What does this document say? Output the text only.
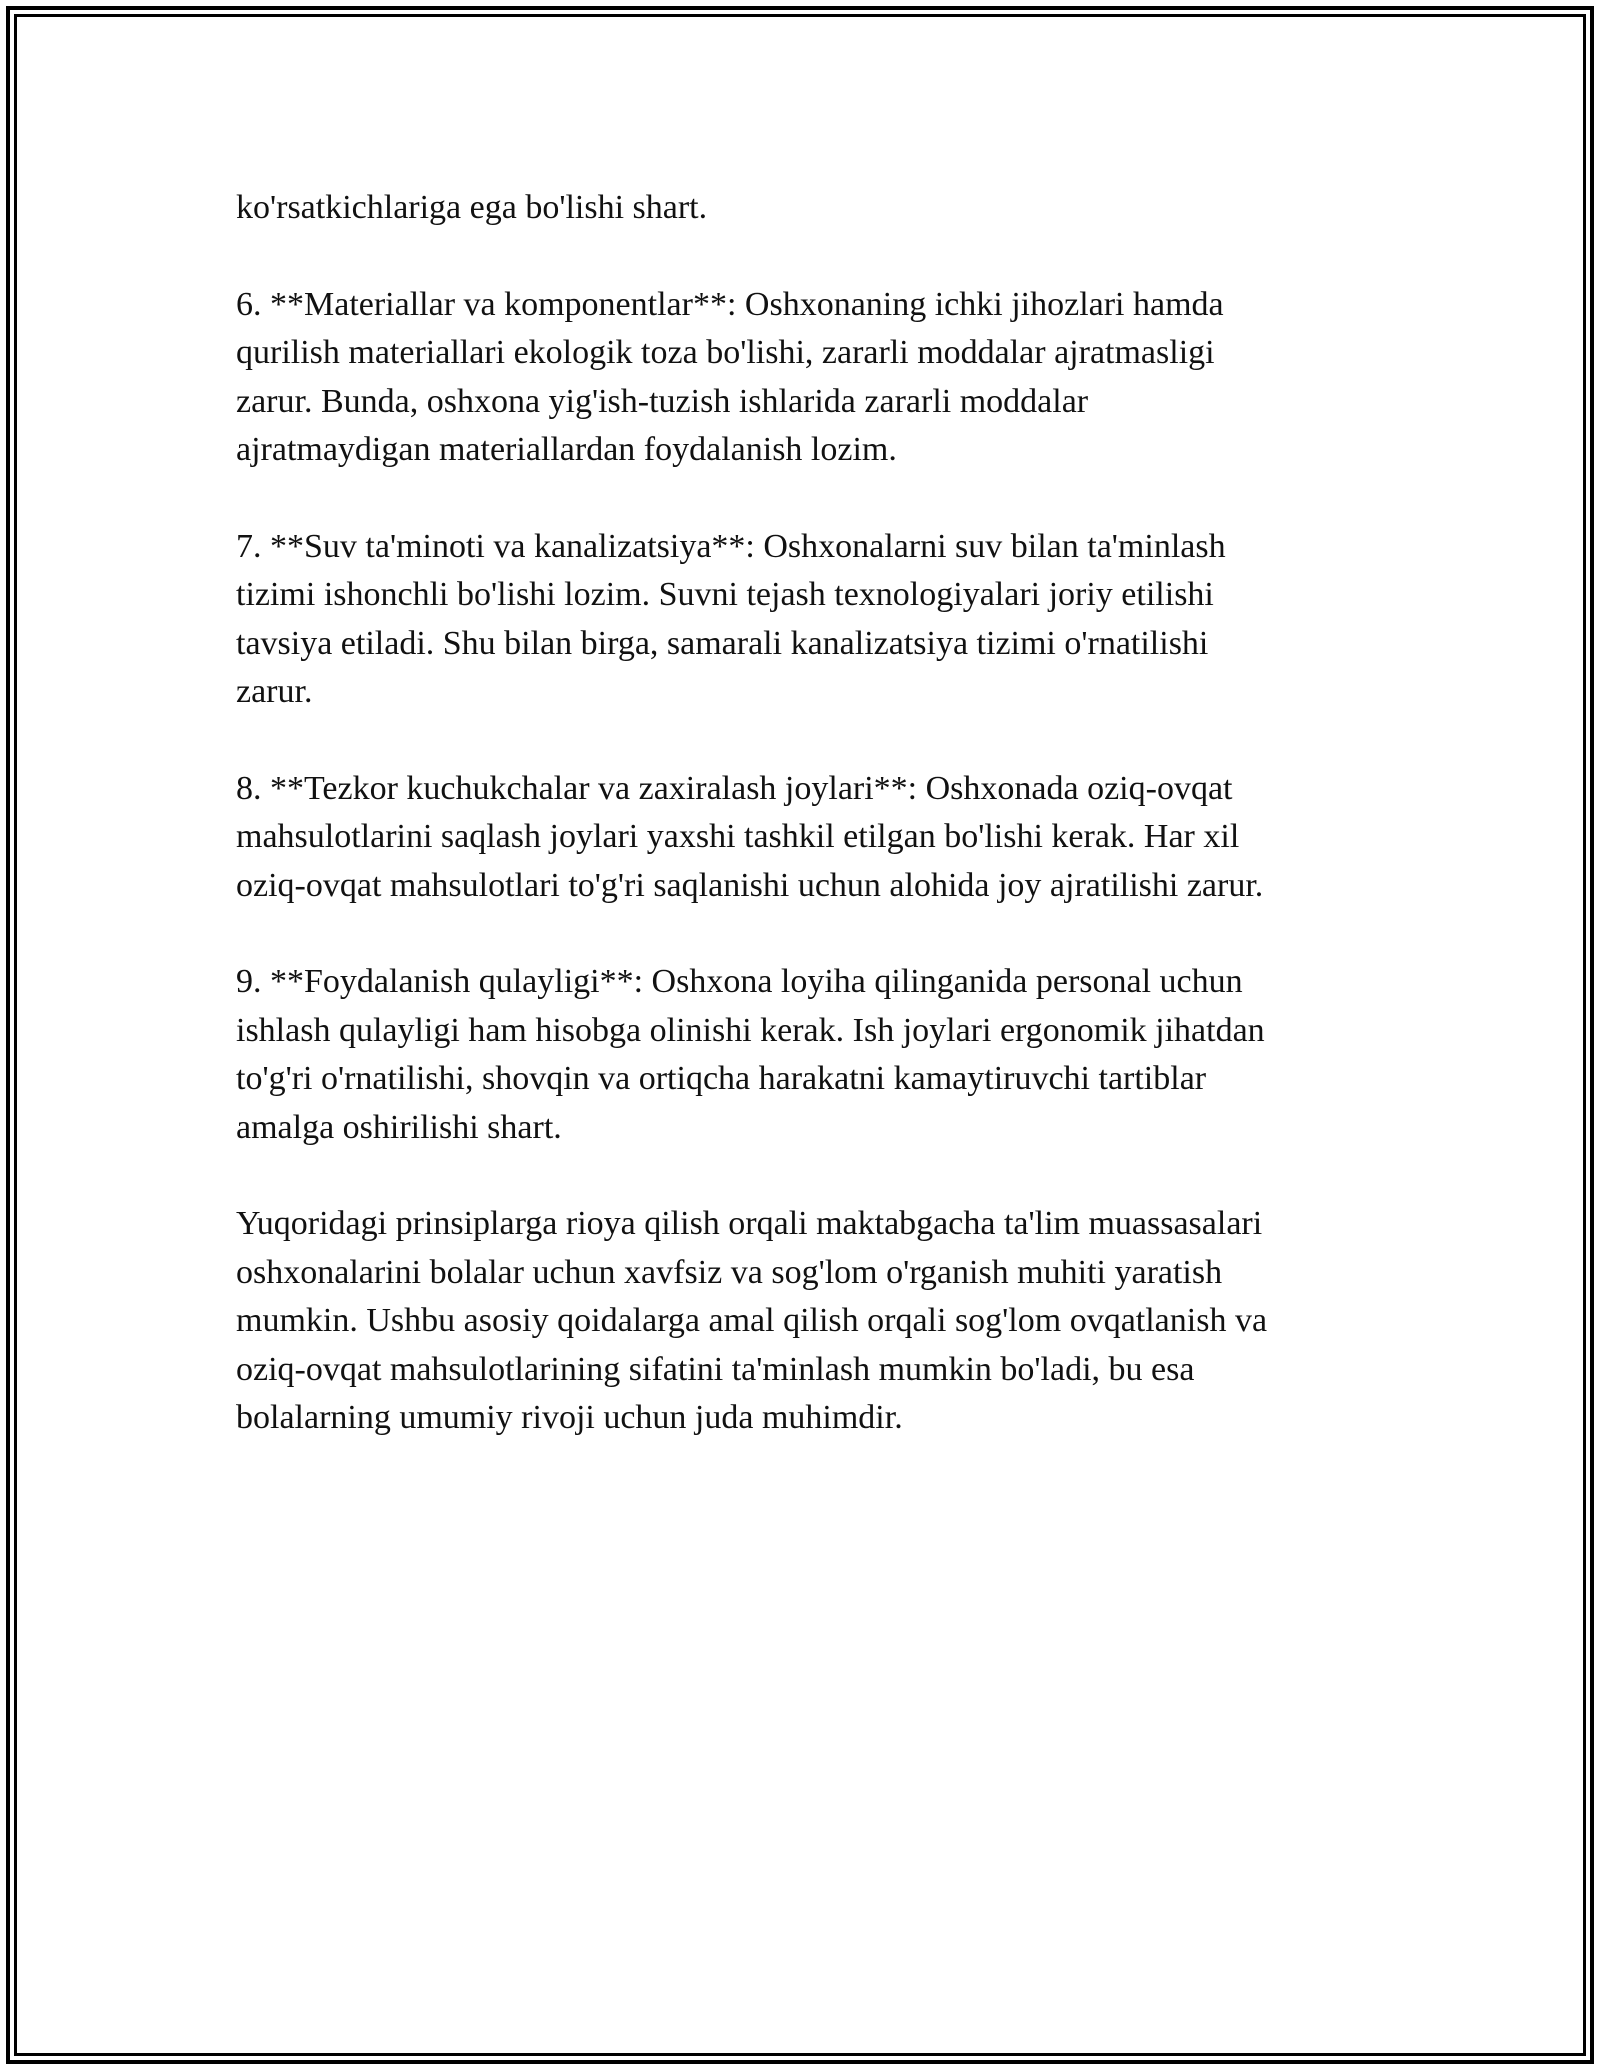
ko'rsatkichlariga ega bo'lishi shart.

6. **Materiallar va komponentlar**: Oshxonaning ichki jihozlari hamda
qurilish materiallari ekologik toza bo'lishi, zararli moddalar ajratmasligi
zarur. Bunda, oshxona yig'ish-tuzish ishlarida zararli moddalar
ajratmaydigan materiallardan foydalanish lozim.

7. **Suv ta'minoti va kanalizatsiya**: Oshxonalarni suv bilan ta'minlash
tizimi ishonchli bo'lishi lozim. Suvni tejash texnologiyalari joriy etilishi
tavsiya etiladi. Shu bilan birga, samarali kanalizatsiya tizimi o'rnatilishi
zarur.

8. **Tezkor kuchukchalar va zaxiralash joylari**: Oshxonada oziq-ovqat
mahsulotlarini saqlash joylari yaxshi tashkil etilgan bo'lishi kerak. Har xil
oziq-ovqat mahsulotlari to'g'ri saqlanishi uchun alohida joy ajratilishi zarur.

9. **Foydalanish qulayligi**: Oshxona loyiha qilinganida personal uchun
ishlash qulayligi ham hisobga olinishi kerak. Ish joylari ergonomik jihatdan
to'g'ri o'rnatilishi, shovqin va ortiqcha harakatni kamaytiruvchi tartiblar
amalga oshirilishi shart.

Yuqoridagi prinsiplarga rioya qilish orqali maktabgacha ta'lim muassasalari
oshxonalarini bolalar uchun xavfsiz va sog'lom o'rganish muhiti yaratish
mumkin. Ushbu asosiy qoidalarga amal qilish orqali sog'lom ovqatlanish va
oziq-ovqat mahsulotlarining sifatini ta'minlash mumkin bo'ladi, bu esa
bolalarning umumiy rivoji uchun juda muhimdir.
